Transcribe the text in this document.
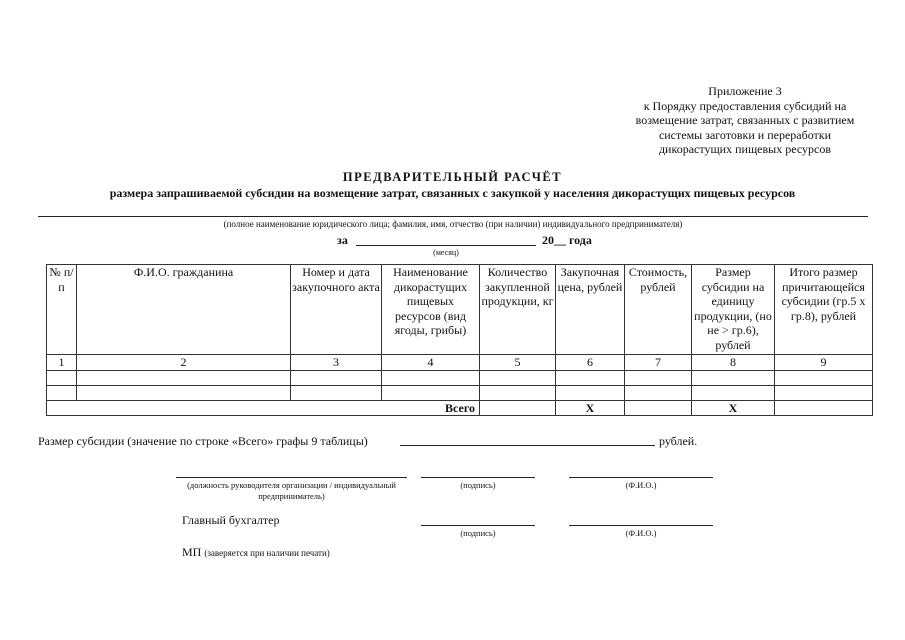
Приложение 3
к Порядку предоставления субсидий на
возмещение затрат, связанных с развитием
системы заготовки и переработки
дикорастущих пищевых ресурсов
ПРЕДВАРИТЕЛЬНЫЙ РАСЧЁТ
размера запрашиваемой субсидии на возмещение затрат, связанных с закупкой у населения дикорастущих пищевых ресурсов
(полное наименование юридического лица; фамилия, имя, отчество (при наличии) индивидуального предпринимателя)
за	20__ года
(месяц)
№ п/п	Ф.И.О. гражданина	Номер и дата закупочного акта	Наименование дикорастущих пищевых ресурсов (вид ягоды, грибы)	Количество закупленной продукции, кг	Закупочная цена, рублей	Стоимость, рублей	Размер субсидии на единицу продукции, (но не > гр.6), рублей	Итого размер причитающейся субсидии (гр.5 х гр.8), рублей
1	2	3	4	5	6	7	8	9

Всего					Х		Х	
Размер субсидии (значение по строке «Всего» графы 9 таблицы)	рублей.
(должность руководителя организации / индивидуальный предприниматель)
(подпись)	(Ф.И.О.)
Главный бухгалтер
(подпись)	(Ф.И.О.)
МП (заверяется при наличии печати)
